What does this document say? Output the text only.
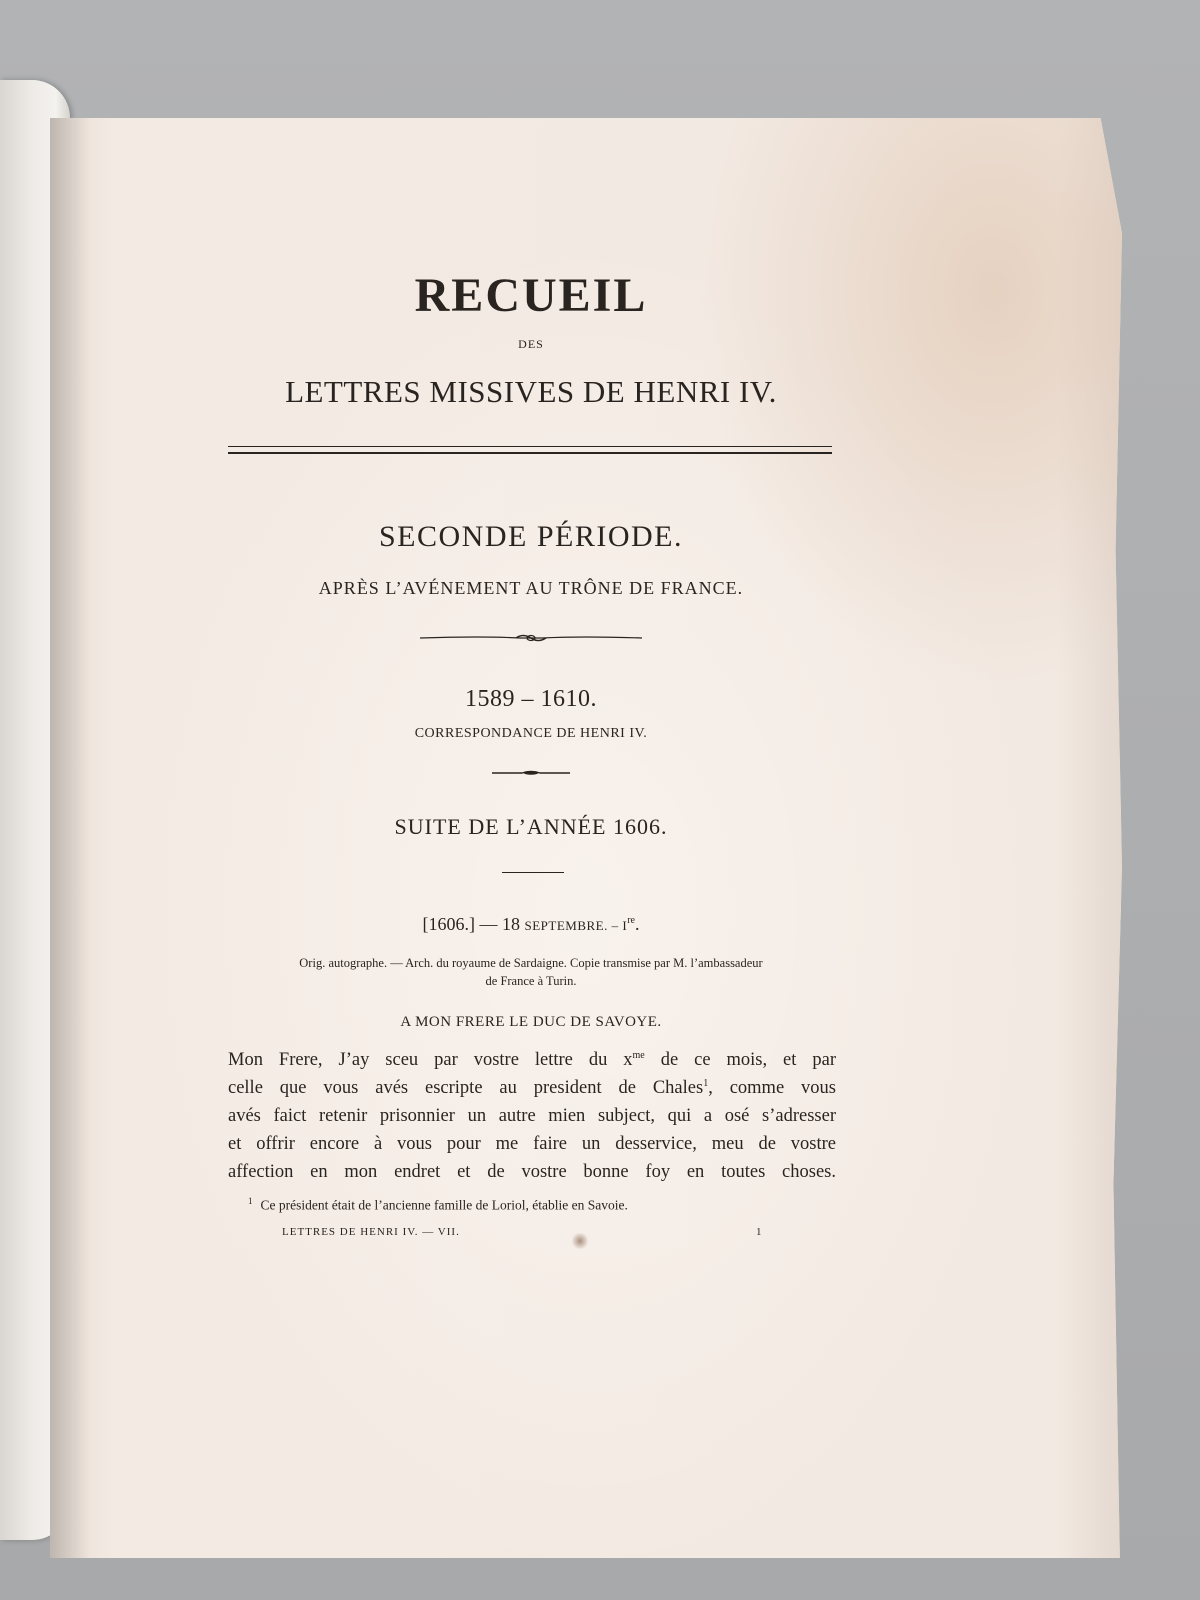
RECUEIL
DES
LETTRES MISSIVES DE HENRI IV.
SECONDE PÉRIODE.
APRÈS L’AVÉNEMENT AU TRÔNE DE FRANCE.
1589 – 1610.
CORRESPONDANCE DE HENRI IV.
SUITE DE L’ANNÉE 1606.
[1606.] — 18 SEPTEMBRE. – Ire.
Orig. autographe. — Arch. du royaume de Sardaigne. Copie transmise par M. l’ambassadeur
de France à Turin.
A MON FRERE LE DUC DE SAVOYE.
Mon Frere, J’ay sceu par vostre lettre du $x^{me}$ de ce mois, et par
celle que vous avés escripte au president de Chales$^1$, comme vous
avés faict retenir prisonnier un autre mien subject, qui a osé s’adresser
et offrir encore à vous pour me faire un desservice, meu de vostre
affection en mon endret et de vostre bonne foy en toutes choses.
$^1$ Ce président était de l’ancienne famille de Loriol, établie en Savoie.
LETTRES DE HENRI IV. — VII.	1
